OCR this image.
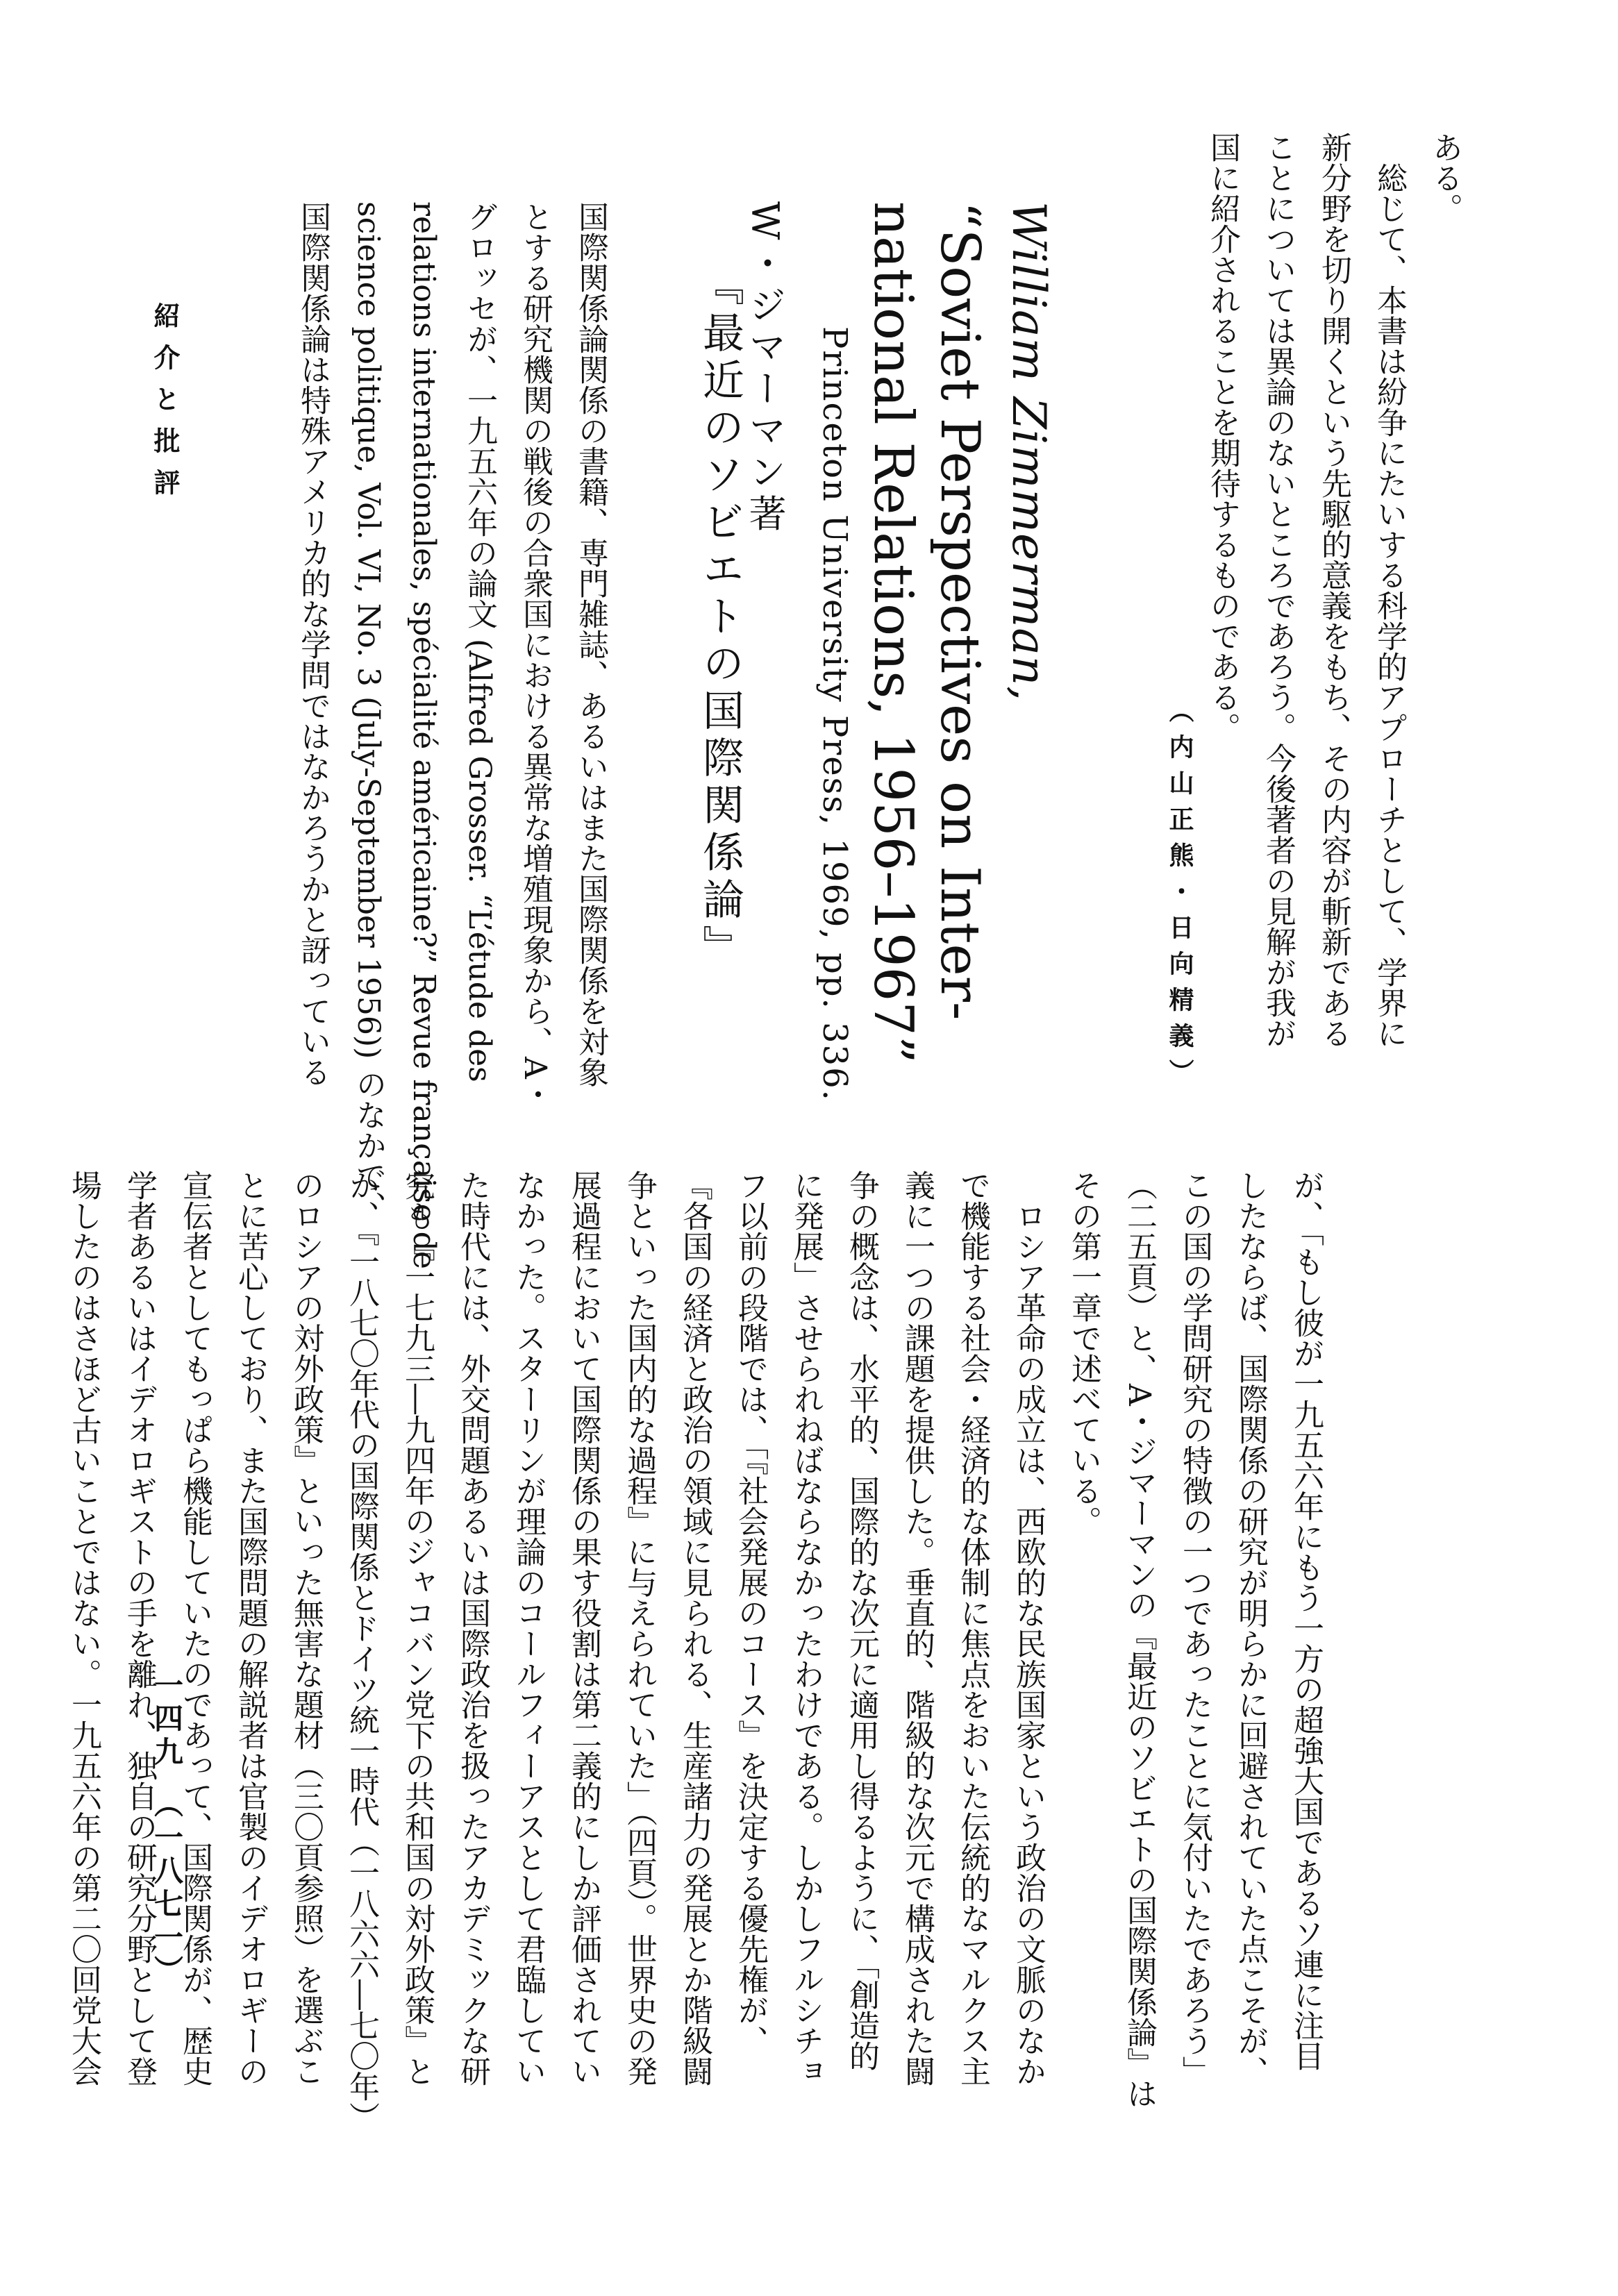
ある。

　総じて、本書は紛争にたいする科学的アプローチとして、学界に

新分野を切り開くという先駆的意義をもち、その内容が斬新である

ことについては異論のないところであろう。今後著者の見解が我が

国に紹介されることを期待するものである。

（内山正熊・日向精義）
William Zimmerman,
“Soviet Perspectives on Inter-
national Relations, 1956–1967”
Princeton University Press, 1969, pp. 336.
W・ジマーマン著
『最近のソビエトの国際関係論』

国際関係論関係の書籍、専門雑誌、あるいはまた国際関係を対象

とする研究機関の戦後の合衆国における異常な増殖現象から、A・

グロッセが、一九五六年の論文 (Alfred Grosser. “L’étude des

relations internationales, spécialité américaine?” Revue française de

science politique, Vol. VI, No. 3 (July-September 1956)) のなかで、

国際関係論は特殊アメリカ的な学問ではなかろうかと訝っている

が、「もし彼が一九五六年にもう一方の超強大国であるソ連に注目

したならば、国際関係の研究が明らかに回避されていた点こそが、

この国の学問研究の特徴の一つであったことに気付いたであろう」

（二五頁）と、A・ジマーマンの『最近のソビエトの国際関係論』は

その第一章で述べている。

　ロシア革命の成立は、西欧的な民族国家という政治の文脈のなか

で機能する社会・経済的な体制に焦点をおいた伝統的なマルクス主

義に一つの課題を提供した。垂直的、階級的な次元で構成された闘

争の概念は、水平的、国際的な次元に適用し得るように、「創造的

に発展」させられねばならなかったわけである。しかしフルシチョ

フ以前の段階では、「『社会発展のコース』を決定する優先権が、

『各国の経済と政治の領域に見られる、生産諸力の発展とか階級闘

争といった国内的な過程』に与えられていた」（四頁）。世界史の発

展過程において国際関係の果す役割は第二義的にしか評価されてい

なかった。スターリンが理論のコールフィーアスとして君臨してい

た時代には、外交問題あるいは国際政治を扱ったアカデミックな研

究も『一七九三―九四年のジャコバン党下の共和国の対外政策』と

か、『一八七〇年代の国際関係とドイツ統一時代（一八六六―七〇年）

のロシアの対外政策』といった無害な題材（三〇頁参照）を選ぶこ

とに苦心しており、また国際問題の解説者は官製のイデオロギーの

宣伝者としてもっぱら機能していたのであって、国際関係が、歴史

学者あるいはイデオロギストの手を離れ、独自の研究分野として登

場したのはさほど古いことではない。一九五六年の第二〇回党大会

紹介と批評
一四九　（一八七一）
